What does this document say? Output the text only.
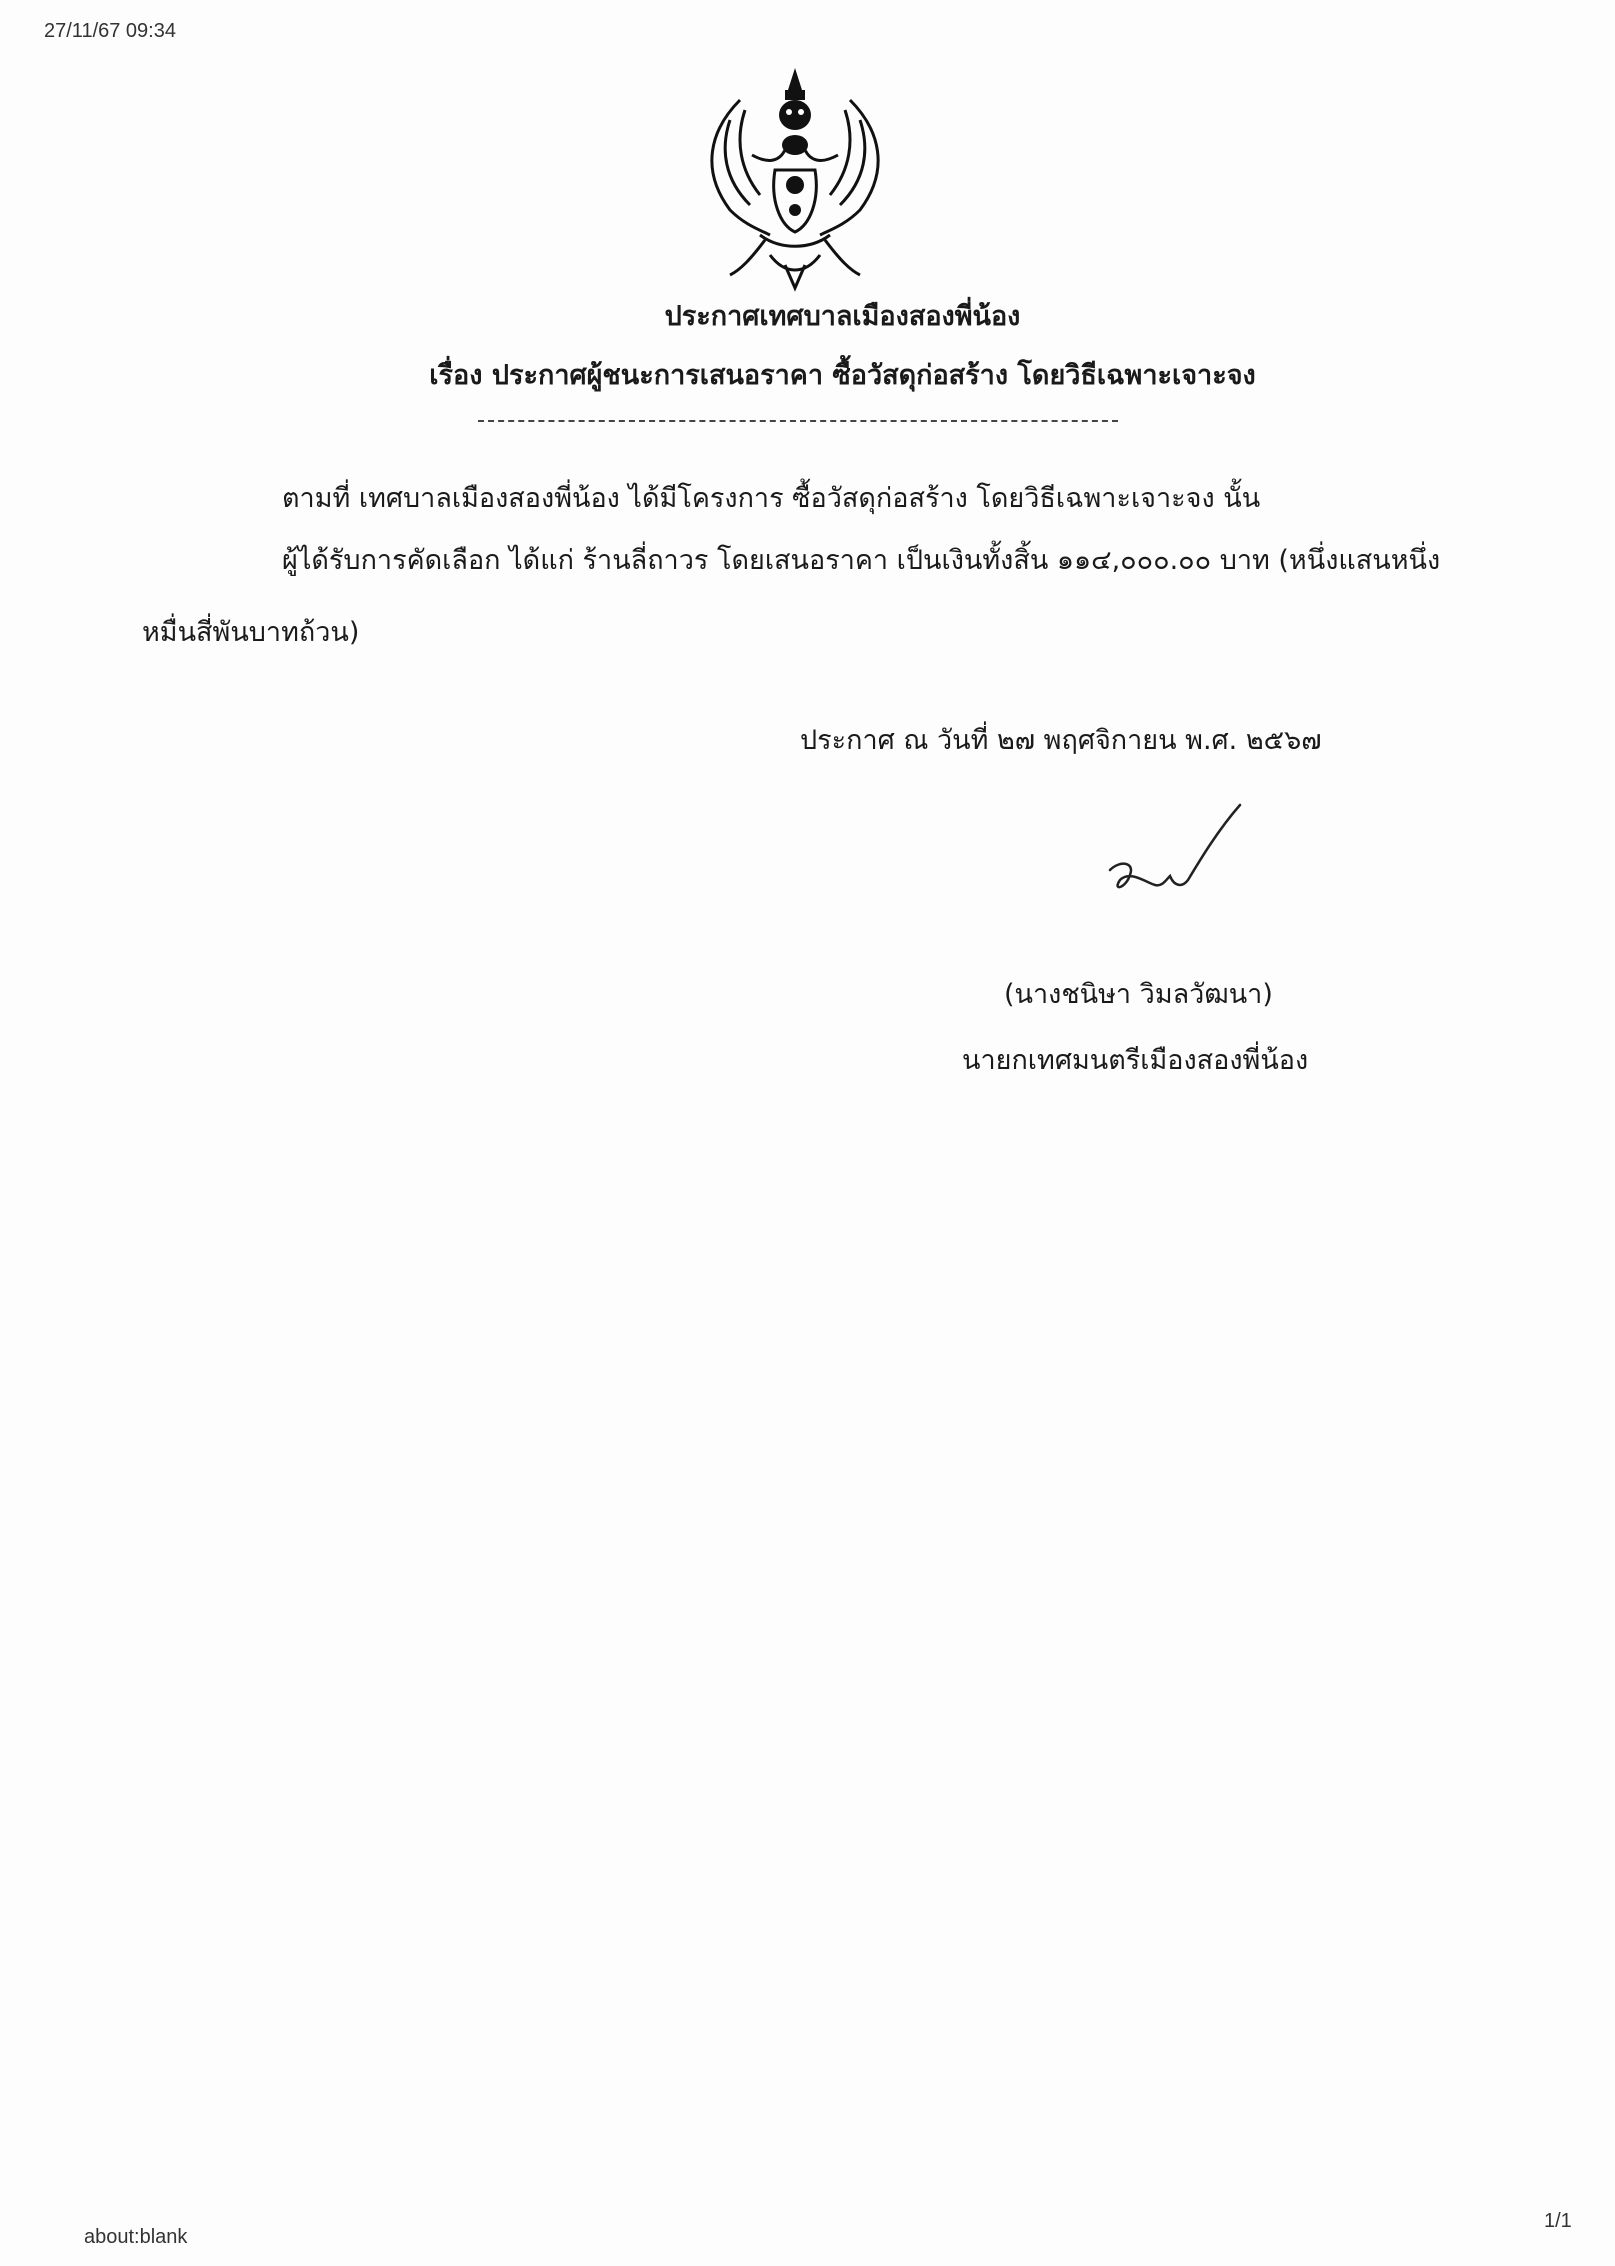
27/11/67 09:34
ประกาศเทศบาลเมืองสองพี่น้อง
เรื่อง ประกาศผู้ชนะการเสนอราคา ซื้อวัสดุก่อสร้าง โดยวิธีเฉพาะเจาะจง
ตามที่ เทศบาลเมืองสองพี่น้อง ได้มีโครงการ ซื้อวัสดุก่อสร้าง โดยวิธีเฉพาะเจาะจง นั้น
ผู้ได้รับการคัดเลือก ได้แก่ ร้านลี่ถาวร โดยเสนอราคา เป็นเงินทั้งสิ้น ๑๑๔,๐๐๐.๐๐ บาท (หนึ่งแสนหนึ่ง
หมื่นสี่พันบาทถ้วน)
ประกาศ ณ วันที่ ๒๗ พฤศจิกายน พ.ศ. ๒๕๖๗
(นางชนิษา วิมลวัฒนา)
นายกเทศมนตรีเมืองสองพี่น้อง
about:blank
1/1
